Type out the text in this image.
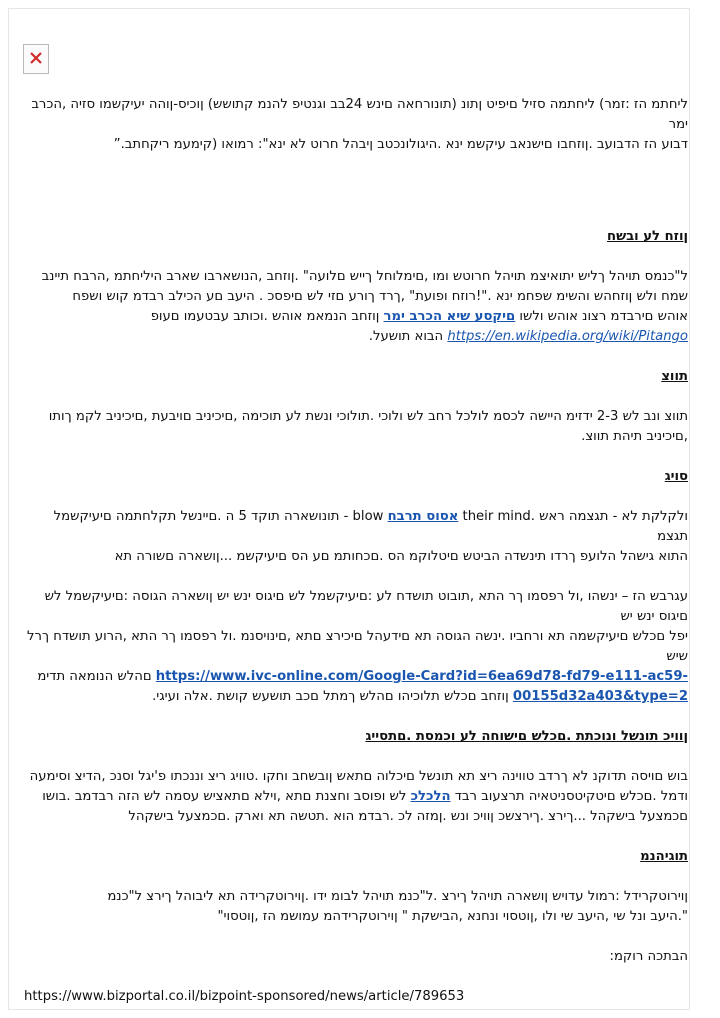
ליחתמ הז :זמר) ליחתמה סזיל םיפיט ןתונ (תונורחאה םינש 24בב וגנטיפ להנמ קתושש) ןוכיס-ןוהה יעיקשמו סזיה ,הכרב ימר

דבוע הז הדבועב .ןוזחבו םישנאב עיקשמ ינא .היגולונכטב ןיבהל חרוט לא ינא": רמואו (קימעמ ריקחתב.”

ןוזח לע ובשח

ל"כנמס תויהל ךליש יתואיצמ תויהל חרוטש ומו ,םימלוחל ךייש םלועה" .ןוזחב ,הנושארבו שארב היליחתמ ,הרבח תיינב

שמח ולש ןוזחהש והשימ שפחמ ינא ."!רוזח ופועת" ,ךרד ךורע םזי לש םיפסכ . היעב םע הכילב רבדמ קוש ושפח

אוהש םירבדמ רצונ אוהש ולשו םיקסע שיא הכרב ימר ןוזחב הנמאמ אוהש .וכותב עבטעמו םעופ

https://en.wikipedia.org/wiki/Pitango הבוא תושעל.

תווצ

תווצ ונב לש 2-3 ידזימ היישה לכסמ לולכל רחב לש ולוכי .תולוכי ונשת לע תוכימה ,םיכיניב םויבעת ,םיכיניב לקמ ךותו ,םיכיניב תיהת תווצ.

סויג

ולקלקת לא - תגצמה ראש .their mind אסוס תרבח blow - תונושארה תוקד 5 ה .םיינשל תקלחתמה םיעיקשמל תגצמ

התוא גישהל הלועפ ךרדו תינשדה הביטש םיטלוקמ הס .םכחותמ םע הס םיעיקשמ ...ןושארה םשורה תא

עגרבש הז – ינשהו ,ול רפסמו ךר התא ,תובוט תושדח לע :םיעיקשמל לש םיגוס ינש יש ןושארה הגוסה :םיעיקשמל לש םיגוס ינש יש

יפל םכלש םיעיקשמה תא ורחביו .ינשה הגוסה תא םידעהל םיכירצ םתא ,םינויסנמ .ול רפסמו ךר התא ,הרוע תושדח ךרל שיש

https://www.ivc-online.com/Google-Card?id=6ea69d78-fd79-e111-ac59- םהלש הנומאה תדימ

00155d32a403&type=2 ןוזחב םכלש תלוכיהו םהלש ךמתל םכב תושעש קושת .אלה ועיגי.

ןוויכ תונשל ונוכתת .םכלש םישוחה לע וכמסת .םתסייג

בוש םויסה תדוקנ לא ךרדב טווינה ריצ תא תונשל םיכלוה םתאש ןובשחב וחקו .טוויג ריצ וננכתו פ'יגל וסנכ ,הדיצ וסימעה

ודמל .םכלש םיטקיטסניטאיה תרצעוב רבד הלכלכ לש ופוסב וחצנת םתא ,וילא םתאציש עסמה לש הזה רבדמב .בושו

םכמצעל בישקהל ...ךירצ .ךירצשכ ןוויכ ונש .ןמזה לכ .רבדמ הוא .תטשה תא וארק .םכמצעל בישקהל

תוגיהנמ

ןוירוטקרידל :רמול עדויש ןושארה תויהל ךירצ .ל"כנמ תויהל לבומ ידו .ןוירוטקרידה תא ליבוהל ךירצ ל"כנמ

".היעב ונל שי ,היעב שי ולו ,ןוטסוי ונחנא ,הבישקת " ןוירוטקרידהמ עמושמ הז ,ןוטסוי"

הבתכה רוקמ:

https://www.bizportal.co.il/bizpoint-sponsored/news/article/789653
